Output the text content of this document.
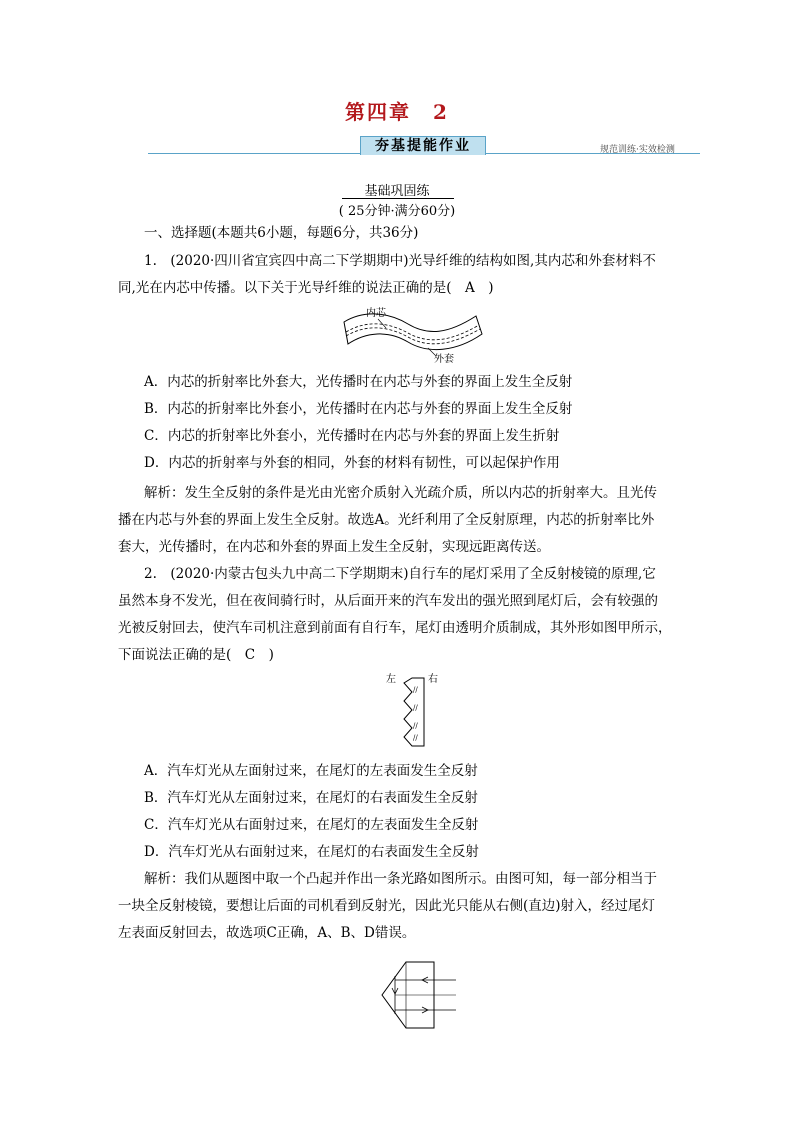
第四章　2
夯基提能作业	规范训练·实效检测
基础巩固练
( 25分钟·满分60分)
一、选择题(本题共6小题，每题6分，共36分)
1.　(2020·四川省宜宾四中高二下学期期中)光导纤维的结构如图,其内芯和外套材料不
同,光在内芯中传播。以下关于光导纤维的说法正确的是(　A　)
内芯
外套
A．内芯的折射率比外套大，光传播时在内芯与外套的界面上发生全反射
B．内芯的折射率比外套小，光传播时在内芯与外套的界面上发生全反射
C．内芯的折射率比外套小，光传播时在内芯与外套的界面上发生折射
D．内芯的折射率与外套的相同，外套的材料有韧性，可以起保护作用
解析：发生全反射的条件是光由光密介质射入光疏介质，所以内芯的折射率大。且光传
播在内芯与外套的界面上发生全反射。故选A。光纤利用了全反射原理，内芯的折射率比外
套大，光传播时，在内芯和外套的界面上发生全反射，实现远距离传送。
2.　(2020·内蒙古包头九中高二下学期期末)自行车的尾灯采用了全反射棱镜的原理,它
虽然本身不发光，但在夜间骑行时，从后面开来的汽车发出的强光照到尾灯后，会有较强的
光被反射回去，使汽车司机注意到前面有自行车，尾灯由透明介质制成，其外形如图甲所示，
下面说法正确的是(　C　)
左	右
//
//
//
//
A．汽车灯光从左面射过来，在尾灯的左表面发生全反射
B．汽车灯光从左面射过来，在尾灯的右表面发生全反射
C．汽车灯光从右面射过来，在尾灯的左表面发生全反射
D．汽车灯光从右面射过来，在尾灯的右表面发生全反射
解析：我们从题图中取一个凸起并作出一条光路如图所示。由图可知，每一部分相当于
一块全反射棱镜，要想让后面的司机看到反射光，因此光只能从右侧(直边)射入，经过尾灯
左表面反射回去，故选项C正确，A、B、D错误。
